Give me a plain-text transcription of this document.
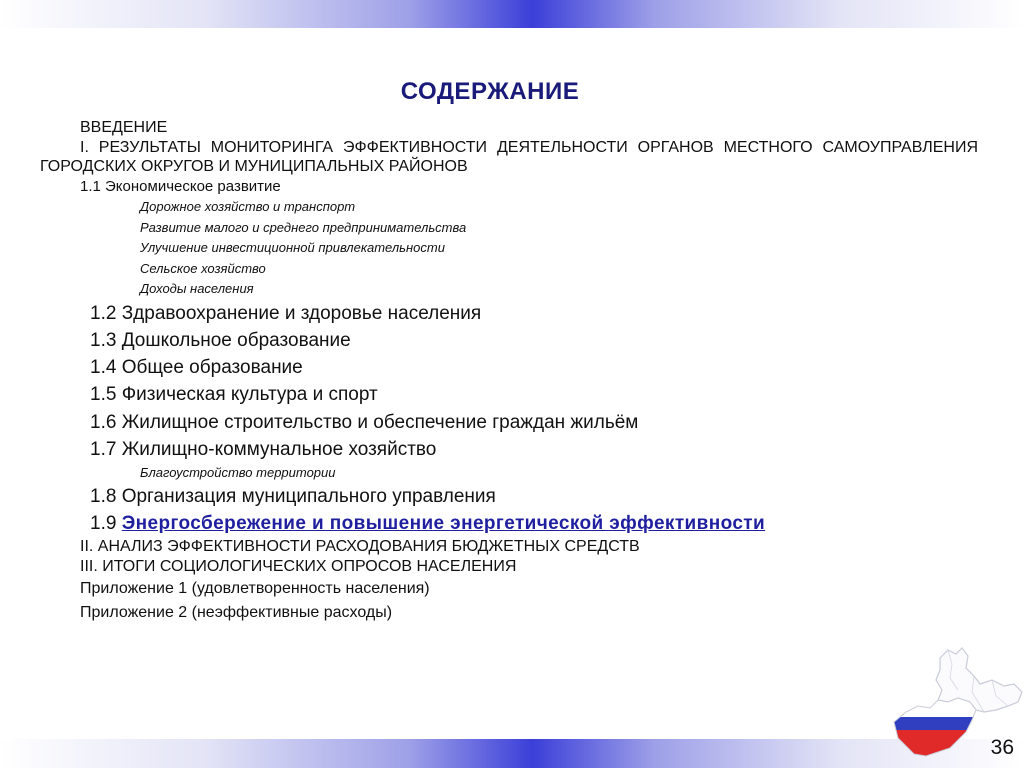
СОДЕРЖАНИЕ
ВВЕДЕНИЕ
I. РЕЗУЛЬТАТЫ МОНИТОРИНГА ЭФФЕКТИВНОСТИ ДЕЯТЕЛЬНОСТИ ОРГАНОВ МЕСТНОГО САМОУПРАВЛЕНИЯ ГОРОДСКИХ ОКРУГОВ И МУНИЦИПАЛЬНЫХ РАЙОНОВ
1.1 Экономическое развитие
Дорожное хозяйство и транспорт
Развитие малого и среднего предпринимательства
Улучшение инвестиционной привлекательности
Сельское хозяйство
Доходы населения
1.2 Здравоохранение и здоровье населения
1.3 Дошкольное образование
1.4 Общее образование
1.5 Физическая культура и спорт
1.6 Жилищное строительство и обеспечение граждан жильём
1.7 Жилищно-коммунальное хозяйство
Благоустройство территории
1.8 Организация муниципального управления
1.9 Энергосбережение и повышение энергетической эффективности
II. АНАЛИЗ ЭФФЕКТИВНОСТИ РАСХОДОВАНИЯ БЮДЖЕТНЫХ СРЕДСТВ
III. ИТОГИ СОЦИОЛОГИЧЕСКИХ ОПРОСОВ НАСЕЛЕНИЯ
Приложение 1 (удовлетворенность населения)
Приложение 2 (неэффективные расходы)
36
